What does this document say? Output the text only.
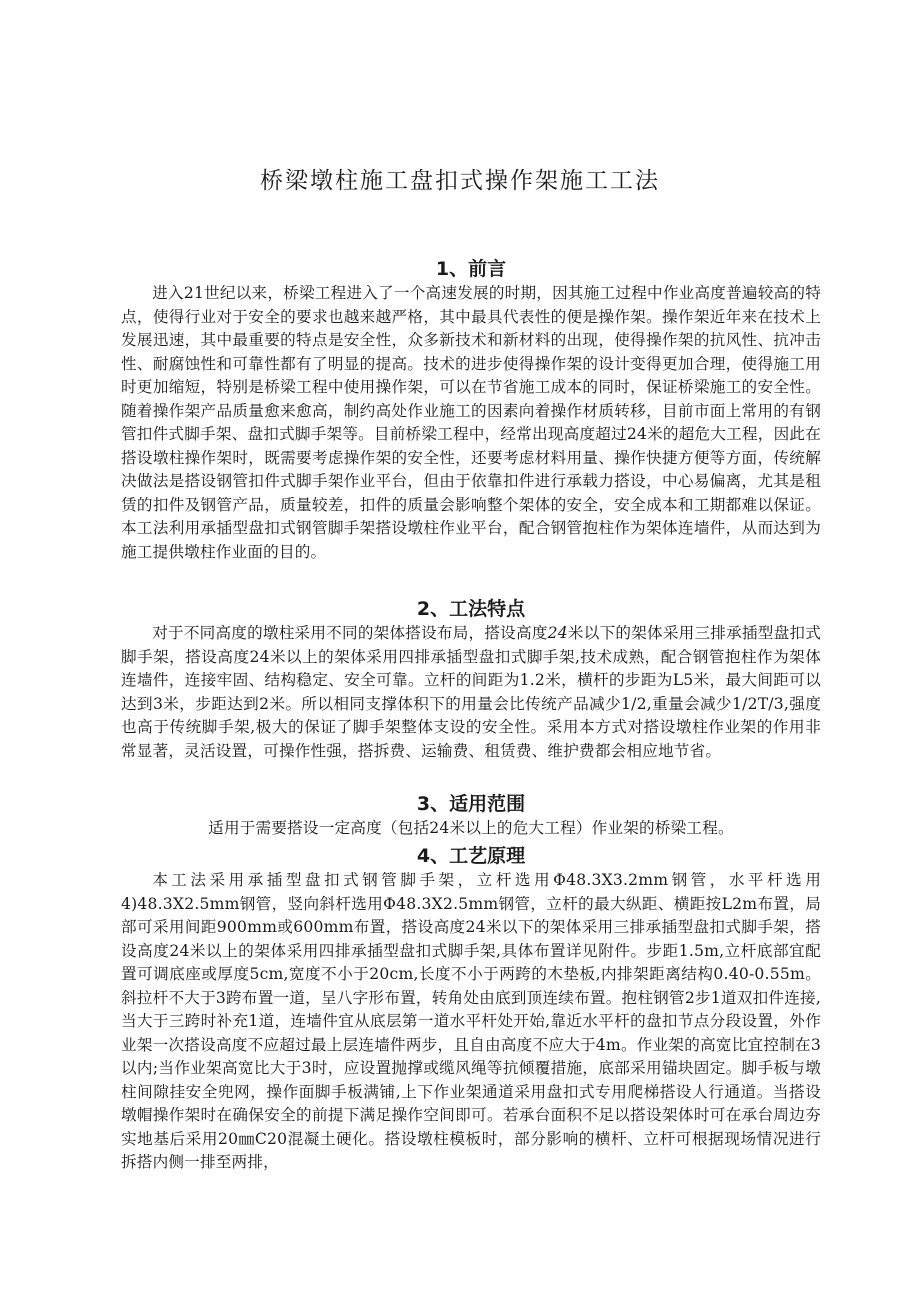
桥梁墩柱施工盘扣式操作架施工工法
1、前言

进入21世纪以来，桥梁工程进入了一个高速发展的时期，因其施工过程中作业高度普遍较高的特点，使得行业对于安全的要求也越来越严格，其中最具代表性的便是操作架。操作架近年来在技术上发展迅速，其中最重要的特点是安全性，众多新技术和新材料的出现，使得操作架的抗风性、抗冲击性、耐腐蚀性和可靠性都有了明显的提高。技术的进步使得操作架的设计变得更加合理，使得施工用时更加缩短，特别是桥梁工程中使用操作架，可以在节省施工成本的同时，保证桥梁施工的安全性。随着操作架产品质量愈来愈高，制约高处作业施工的因素向着操作材质转移，目前市面上常用的有钢管扣件式脚手架、盘扣式脚手架等。目前桥梁工程中，经常出现高度超过24米的超危大工程，因此在搭设墩柱操作架时，既需要考虑操作架的安全性，还要考虑材料用量、操作快捷方便等方面，传统解决做法是搭设钢管扣件式脚手架作业平台，但由于依靠扣件进行承载力搭设，中心易偏离，尤其是租赁的扣件及钢管产品，质量较差，扣件的质量会影响整个架体的安全，安全成本和工期都难以保证。本工法利用承插型盘扣式钢管脚手架搭设墩柱作业平台，配合钢管抱柱作为架体连墙件，从而达到为施工提供墩柱作业面的目的。

2、工法特点

对于不同高度的墩柱采用不同的架体搭设布局，搭设高度24米以下的架体采用三排承插型盘扣式脚手架，搭设高度24米以上的架体采用四排承插型盘扣式脚手架,技术成熟，配合钢管抱柱作为架体连墙件，连接牢固、结构稳定、安全可靠。立杆的间距为1.2米，横杆的步距为L5米，最大间距可以达到3米，步距达到2米。所以相同支撑体积下的用量会比传统产品减少1/2,重量会减少1/2T/3,强度也高于传统脚手架,极大的保证了脚手架整体支设的安全性。采用本方式对搭设墩柱作业架的作用非常显著，灵活设置，可操作性强，搭拆费、运输费、租赁费、维护费都会相应地节省。

3、适用范围

适用于需要搭设一定高度（包括24米以上的危大工程）作业架的桥梁工程。

4、工艺原理

本工法采用承插型盘扣式钢管脚手架，立杆选用Φ48.3X3.2mm钢管，水平杆选用4)48.3X2.5mm钢管，竖向斜杆选用Φ48.3X2.5mm钢管，立杆的最大纵距、横距按L2m布置，局部可采用间距900mm或600mm布置，搭设高度24米以下的架体采用三排承插型盘扣式脚手架，搭设高度24米以上的架体采用四排承插型盘扣式脚手架,具体布置详见附件。步距1.5m,立杆底部宜配置可调底座或厚度5cm,宽度不小于20cm,长度不小于两跨的木垫板,内排架距离结构0.40-0.55m。斜拉杆不大于3跨布置一道，呈八字形布置，转角处由底到顶连续布置。抱柱钢管2步1道双扣件连接,当大于三跨时补充1道，连墙件宜从底层第一道水平杆处开始,靠近水平杆的盘扣节点分段设置，外作业架一次搭设高度不应超过最上层连墙件两步，且自由高度不应大于4m。作业架的高宽比宜控制在3以内;当作业架高宽比大于3时，应设置抛撑或缆风绳等抗倾覆措施，底部采用锚块固定。脚手板与墩柱间隙挂安全兜网，操作面脚手板满铺,上下作业架通道采用盘扣式专用爬梯搭设人行通道。当搭设墩帽操作架时在确保安全的前提下满足操作空间即可。若承台面积不足以搭设架体时可在承台周边夯实地基后采用20㎜C20混凝土硬化。搭设墩柱模板时，部分影响的横杆、立杆可根据现场情况进行拆搭内侧一排至两排，
